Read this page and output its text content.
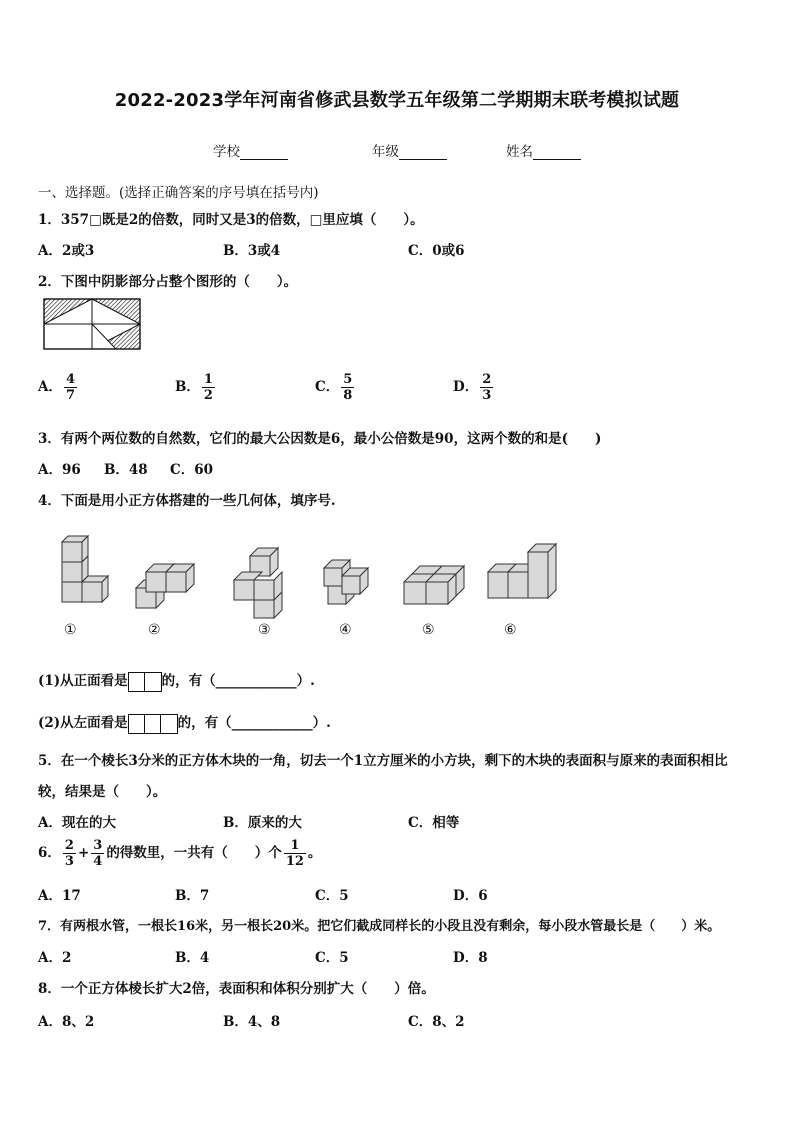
2022-2023学年河南省修武县数学五年级第二学期期末联考模拟试题
学校	年级	姓名
一、选择题。(选择正确答案的序号填在括号内)
1．357□既是2的倍数，同时又是3的倍数，□里应填（　　）。
A．2或3	B．3或4	C．0或6
2．下图中阴影部分占整个图形的（　　）。
A． $\frac{4}{7}$	B． $\frac{1}{2}$	C． $\frac{5}{8}$	D． $\frac{2}{3}$
3．有两个两位数的自然数，它们的最大公因数是6，最小公倍数是90，这两个数的和是(　　)
A．96 B．48 C．60
4．下面是用小正方体搭建的一些几何体，填序号.
①	②	③	④	⑤	⑥
(1)从正面看是	的，有（____________）.
(2)从左面看是	的，有（____________）.
5．在一个棱长3分米的正方体木块的一角，切去一个1立方厘米的小方块，剩下的木块的表面积与原来的表面积相比
较，结果是（　　）。
A．现在的大	B．原来的大	C．相等
6． $\frac{2}{3} + \frac{3}{4}$ 的得数里，一共有（　　）个 $\frac{1}{12}$ 。
A．17	B．7	C．5	D．6
7．有两根水管，一根长16米，另一根长20米。把它们截成同样长的小段且没有剩余，每小段水管最长是（　　）米。
A．2	B．4	C．5	D．8
8．一个正方体棱长扩大2倍，表面积和体积分别扩大（　　）倍。
A．8、2	B．4、8	C．8、2
